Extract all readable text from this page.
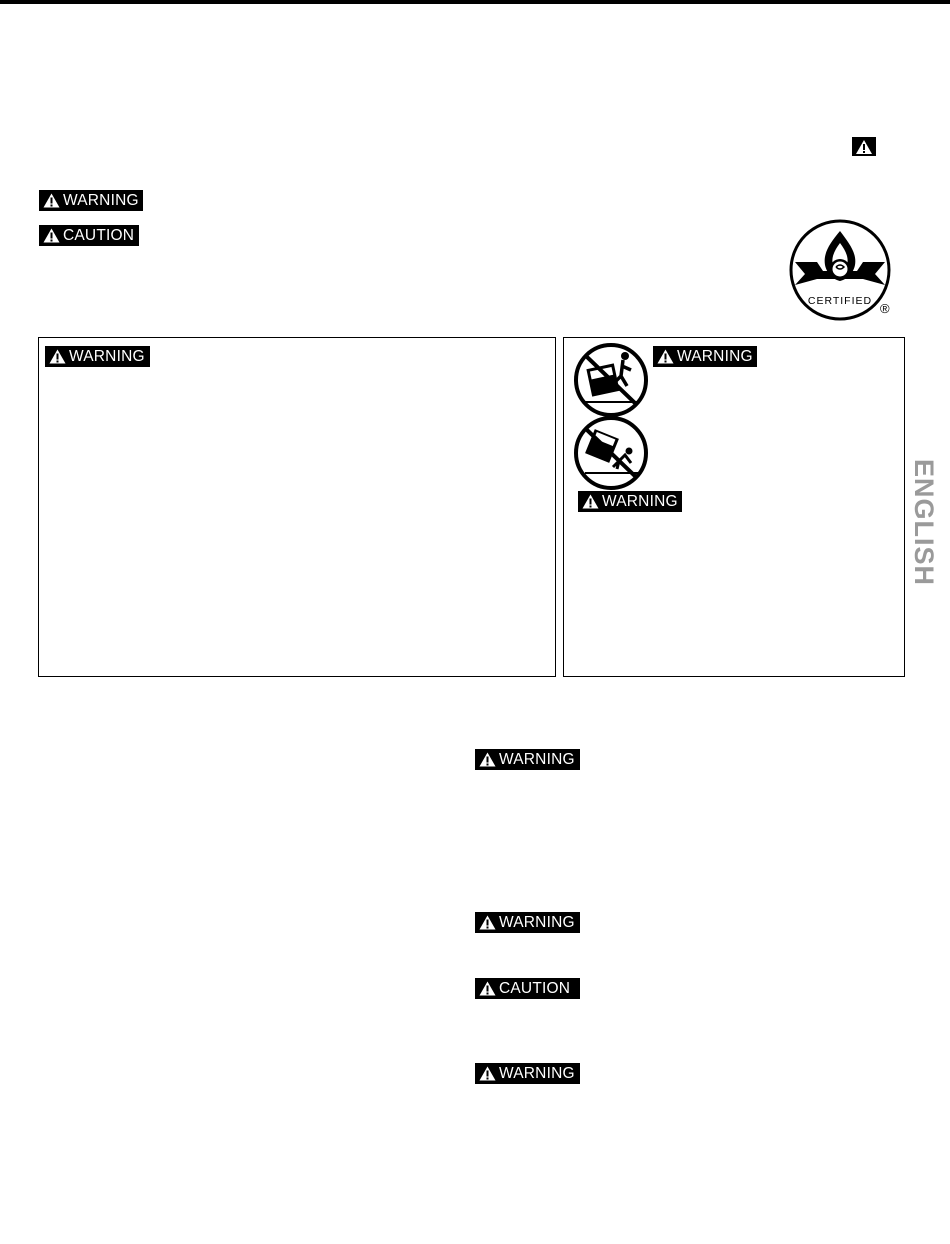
WARNING
CAUTION
CERTIFIED ®
WARNING	WARNING
WARNING
WARNING
WARNING
CAUTION
WARNING
ENGLISH
